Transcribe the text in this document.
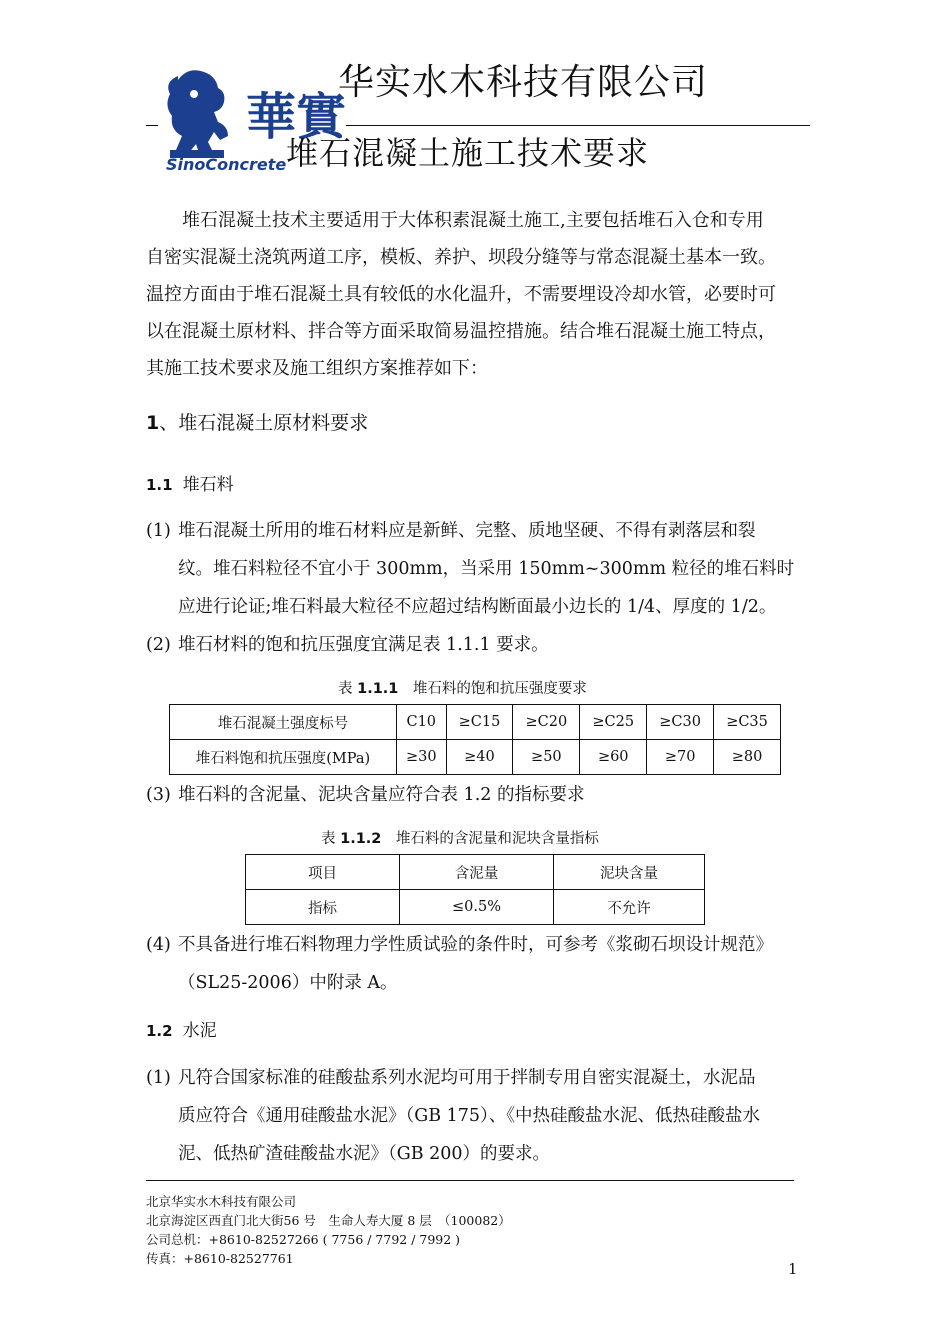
華實
SinoConcrete
华实水木科技有限公司
堆石混凝土施工技术要求
堆石混凝土技术主要适用于大体积素混凝土施工,主要包括堆石入仓和专用
自密实混凝土浇筑两道工序，模板、养护、坝段分缝等与常态混凝土基本一致。
温控方面由于堆石混凝土具有较低的水化温升，不需要埋设冷却水管，必要时可
以在混凝土原材料、拌合等方面采取简易温控措施。结合堆石混凝土施工特点，
其施工技术要求及施工组织方案推荐如下：
1、堆石混凝土原材料要求
1.1 堆石料
(1) 堆石混凝土所用的堆石材料应是新鲜、完整、质地坚硬、不得有剥落层和裂
纹。堆石料粒径不宜小于 300mm，当采用 150mm~300mm 粒径的堆石料时
应进行论证;堆石料最大粒径不应超过结构断面最小边长的 1/4、厚度的 1/2。
(2) 堆石材料的饱和抗压强度宜满足表 1.1.1 要求。
表 1.1.1　堆石料的饱和抗压强度要求
堆石混凝土强度标号	C10	≥C15	≥C20	≥C25	≥C30	≥C35
堆石料饱和抗压强度(MPa)	≥30	≥40	≥50	≥60	≥70	≥80
(3) 堆石料的含泥量、泥块含量应符合表 1.2 的指标要求
表 1.1.2　堆石料的含泥量和泥块含量指标
项目	含泥量	泥块含量
指标	≤0.5%	不允许
(4) 不具备进行堆石料物理力学性质试验的条件时，可参考《浆砌石坝设计规范》
（SL25-2006）中附录 A。
1.2 水泥
(1) 凡符合国家标准的硅酸盐系列水泥均可用于拌制专用自密实混凝土，水泥品
质应符合《通用硅酸盐水泥》（GB 175）、《中热硅酸盐水泥、低热硅酸盐水
泥、低热矿渣硅酸盐水泥》（GB 200）的要求。
北京华实水木科技有限公司
北京海淀区西直门北大街56 号　生命人寿大厦 8 层　（100082）
公司总机：+8610-82527266 ( 7756 / 7792 / 7992 )
传真：+8610-82527761
1
